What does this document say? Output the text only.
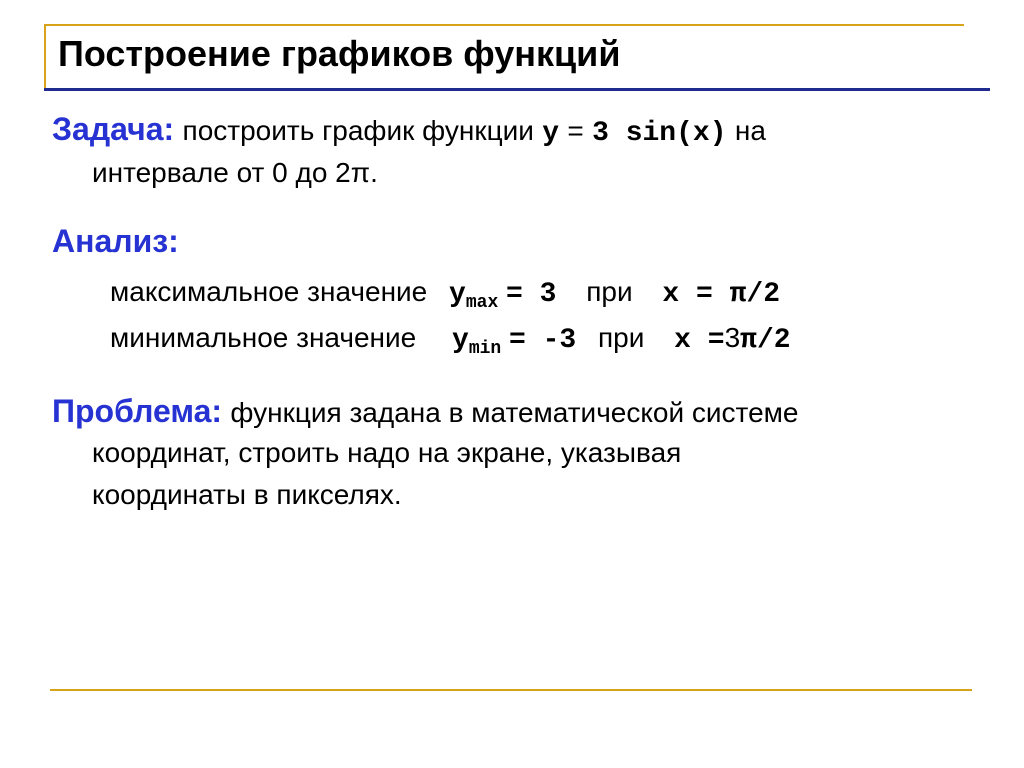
Построение графиков функций
Задача: построить график функции y = 3 sin(x) на
интервале от 0 до 2π.
Анализ:
максимальное значение $y_{max} = 3$ при x = π/2
минимальное значение $y_{min} = -3$ при x =3π/2
Проблема: функция задана в математической системе
координат, строить надо на экране, указывая
координаты в пикселях.
